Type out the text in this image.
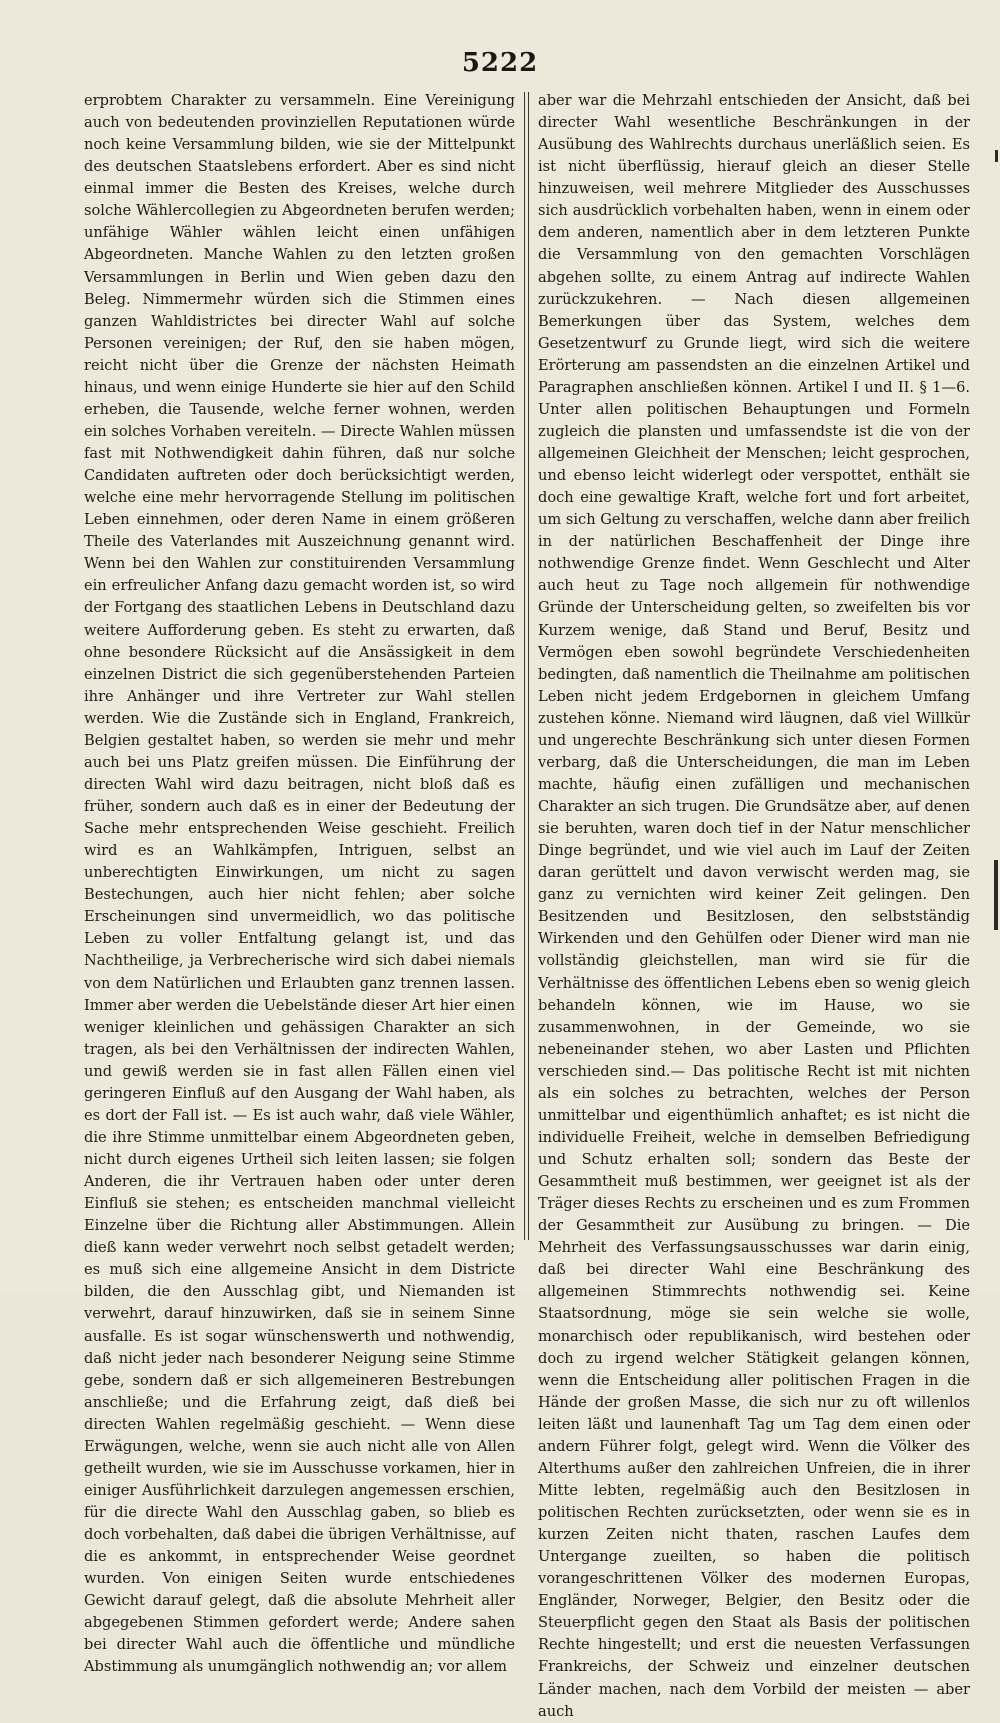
5222

erprobtem Charakter zu versammeln. Eine Vereinigung auch von bedeutenden provinziellen Reputationen würde noch keine Versammlung bilden, wie sie der Mittelpunkt des deutschen Staatslebens erfordert. Aber es sind nicht einmal immer die Besten des Kreises, welche durch solche Wählercollegien zu Abgeordneten berufen werden; unfähige Wähler wählen leicht einen unfähigen Abgeordneten. Manche Wahlen zu den letzten großen Versammlungen in Berlin und Wien geben dazu den Beleg. Nimmermehr würden sich die Stimmen eines ganzen Wahldistrictes bei directer Wahl auf solche Personen vereinigen; der Ruf, den sie haben mögen, reicht nicht über die Grenze der nächsten Heimath hinaus, und wenn einige Hunderte sie hier auf den Schild erheben, die Tausende, welche ferner wohnen, werden ein solches Vorhaben vereiteln. — Directe Wahlen müssen fast mit Nothwendigkeit dahin führen, daß nur solche Candidaten auftreten oder doch berücksichtigt werden, welche eine mehr hervorragende Stellung im politischen Leben einnehmen, oder deren Name in einem größeren Theile des Vaterlandes mit Auszeichnung genannt wird. Wenn bei den Wahlen zur constituirenden Versammlung ein erfreulicher Anfang dazu gemacht worden ist, so wird der Fortgang des staatlichen Lebens in Deutschland dazu weitere Aufforderung geben. Es steht zu erwarten, daß ohne besondere Rücksicht auf die Ansässigkeit in dem einzelnen District die sich gegenüberstehenden Parteien ihre Anhänger und ihre Vertreter zur Wahl stellen werden. Wie die Zustände sich in England, Frankreich, Belgien gestaltet haben, so werden sie mehr und mehr auch bei uns Platz greifen müssen. Die Einführung der directen Wahl wird dazu beitragen, nicht bloß daß es früher, sondern auch daß es in einer der Bedeutung der Sache mehr entsprechenden Weise geschieht. Freilich wird es an Wahlkämpfen, Intriguen, selbst an unberechtigten Einwirkungen, um nicht zu sagen Bestechungen, auch hier nicht fehlen; aber solche Erscheinungen sind unvermeidlich, wo das politische Leben zu voller Entfaltung gelangt ist, und das Nachtheilige, ja Verbrecherische wird sich dabei niemals von dem Natürlichen und Erlaubten ganz trennen lassen. Immer aber werden die Uebelstände dieser Art hier einen weniger kleinlichen und gehässigen Charakter an sich tragen, als bei den Verhältnissen der indirecten Wahlen, und gewiß werden sie in fast allen Fällen einen viel geringeren Einfluß auf den Ausgang der Wahl haben, als es dort der Fall ist. — Es ist auch wahr, daß viele Wähler, die ihre Stimme unmittelbar einem Abgeordneten geben, nicht durch eigenes Urtheil sich leiten lassen; sie folgen Anderen, die ihr Vertrauen haben oder unter deren Einfluß sie stehen; es entscheiden manchmal vielleicht Einzelne über die Richtung aller Abstimmungen. Allein dieß kann weder verwehrt noch selbst getadelt werden; es muß sich eine allgemeine Ansicht in dem Districte bilden, die den Ausschlag gibt, und Niemanden ist verwehrt, darauf hinzuwirken, daß sie in seinem Sinne ausfalle. Es ist sogar wünschenswerth und nothwendig, daß nicht jeder nach besonderer Neigung seine Stimme gebe, sondern daß er sich allgemeineren Bestrebungen anschließe; und die Erfahrung zeigt, daß dieß bei directen Wahlen regelmäßig geschieht. — Wenn diese Erwägungen, welche, wenn sie auch nicht alle von Allen getheilt wurden, wie sie im Ausschusse vorkamen, hier in einiger Ausführlichkeit darzulegen angemessen erschien, für die directe Wahl den Ausschlag gaben, so blieb es doch vorbehalten, daß dabei die übrigen Verhältnisse, auf die es ankommt, in entsprechender Weise geordnet wurden. Von einigen Seiten wurde entschiedenes Gewicht darauf gelegt, daß die absolute Mehrheit aller abgegebenen Stimmen gefordert werde; Andere sahen bei directer Wahl auch die öffentliche und mündliche Abstimmung als unumgänglich nothwendig an; vor allem

aber war die Mehrzahl entschieden der Ansicht, daß bei directer Wahl wesentliche Beschränkungen in der Ausübung des Wahlrechts durchaus unerläßlich seien. Es ist nicht überflüssig, hierauf gleich an dieser Stelle hinzuweisen, weil mehrere Mitglieder des Ausschusses sich ausdrücklich vorbehalten haben, wenn in einem oder dem anderen, namentlich aber in dem letzteren Punkte die Versammlung von den gemachten Vorschlägen abgehen sollte, zu einem Antrag auf indirecte Wahlen zurückzukehren. — Nach diesen allgemeinen Bemerkungen über das System, welches dem Gesetzentwurf zu Grunde liegt, wird sich die weitere Erörterung am passendsten an die einzelnen Artikel und Paragraphen anschließen können. Artikel I und II. § 1—6. Unter allen politischen Behauptungen und Formeln zugleich die plansten und umfassendste ist die von der allgemeinen Gleichheit der Menschen; leicht gesprochen, und ebenso leicht widerlegt oder verspottet, enthält sie doch eine gewaltige Kraft, welche fort und fort arbeitet, um sich Geltung zu verschaffen, welche dann aber freilich in der natürlichen Beschaffenheit der Dinge ihre nothwendige Grenze findet. Wenn Geschlecht und Alter auch heut zu Tage noch allgemein für nothwendige Gründe der Unterscheidung gelten, so zweifelten bis vor Kurzem wenige, daß Stand und Beruf, Besitz und Vermögen eben sowohl begründete Verschiedenheiten bedingten, daß namentlich die Theilnahme am politischen Leben nicht jedem Erdgebornen in gleichem Umfang zustehen könne. Niemand wird läugnen, daß viel Willkür und ungerechte Beschränkung sich unter diesen Formen verbarg, daß die Unterscheidungen, die man im Leben machte, häufig einen zufälligen und mechanischen Charakter an sich trugen. Die Grundsätze aber, auf denen sie beruhten, waren doch tief in der Natur menschlicher Dinge begründet, und wie viel auch im Lauf der Zeiten daran gerüttelt und davon verwischt werden mag, sie ganz zu vernichten wird keiner Zeit gelingen. Den Besitzenden und Besitzlosen, den selbstständig Wirkenden und den Gehülfen oder Diener wird man nie vollständig gleichstellen, man wird sie für die Verhältnisse des öffentlichen Lebens eben so wenig gleich behandeln können, wie im Hause, wo sie zusammenwohnen, in der Gemeinde, wo sie nebeneinander stehen, wo aber Lasten und Pflichten verschieden sind.— Das politische Recht ist mit nichten als ein solches zu betrachten, welches der Person unmittelbar und eigenthümlich anhaftet; es ist nicht die individuelle Freiheit, welche in demselben Befriedigung und Schutz erhalten soll; sondern das Beste der Gesammtheit muß bestimmen, wer geeignet ist als der Träger dieses Rechts zu erscheinen und es zum Frommen der Gesammtheit zur Ausübung zu bringen. — Die Mehrheit des Verfassungsausschusses war darin einig, daß bei directer Wahl eine Beschränkung des allgemeinen Stimmrechts nothwendig sei. Keine Staatsordnung, möge sie sein welche sie wolle, monarchisch oder republikanisch, wird bestehen oder doch zu irgend welcher Stätigkeit gelangen können, wenn die Entscheidung aller politischen Fragen in die Hände der großen Masse, die sich nur zu oft willenlos leiten läßt und launenhaft Tag um Tag dem einen oder andern Führer folgt, gelegt wird. Wenn die Völker des Alterthums außer den zahlreichen Unfreien, die in ihrer Mitte lebten, regelmäßig auch den Besitzlosen in politischen Rechten zurücksetzten, oder wenn sie es in kurzen Zeiten nicht thaten, raschen Laufes dem Untergange zueilten, so haben die politisch vorangeschrittenen Völker des modernen Europas, Engländer, Norweger, Belgier, den Besitz oder die Steuerpflicht gegen den Staat als Basis der politischen Rechte hingestellt; und erst die neuesten Verfassungen Frankreichs, der Schweiz und einzelner deutschen Länder machen, nach dem Vorbild der meisten — aber auch
